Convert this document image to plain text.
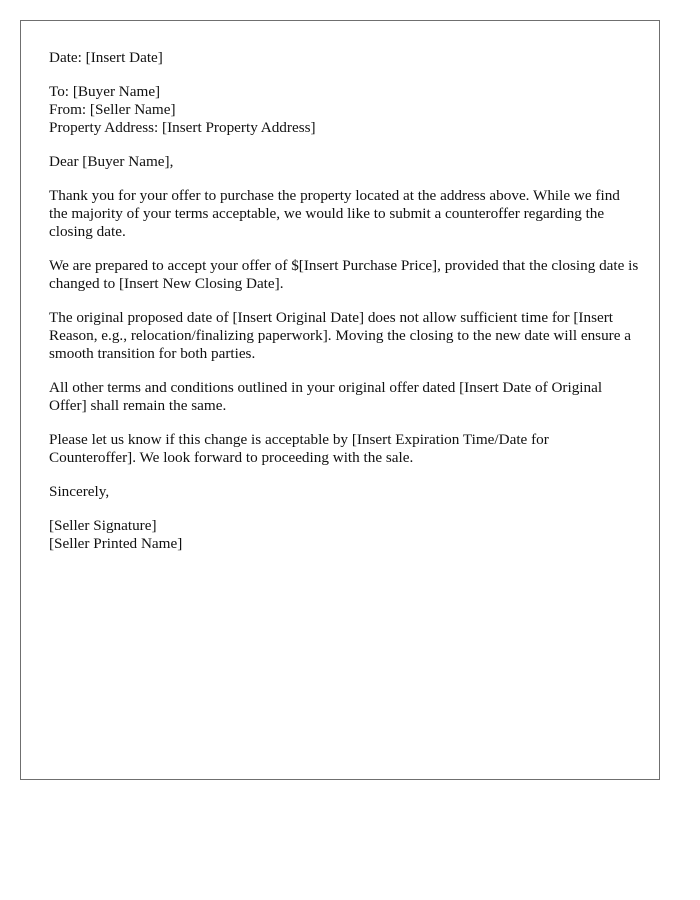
Date: [Insert Date]
To: [Buyer Name]
From: [Seller Name]
Property Address: [Insert Property Address]
Dear [Buyer Name],
Thank you for your offer to purchase the property located at the address above. While we find the majority of your terms acceptable, we would like to submit a counteroffer regarding the closing date.
We are prepared to accept your offer of $[Insert Purchase Price], provided that the closing date is changed to [Insert New Closing Date].
The original proposed date of [Insert Original Date] does not allow sufficient time for [Insert Reason, e.g., relocation/finalizing paperwork]. Moving the closing to the new date will ensure a smooth transition for both parties.
All other terms and conditions outlined in your original offer dated [Insert Date of Original Offer] shall remain the same.
Please let us know if this change is acceptable by [Insert Expiration Time/Date for Counteroffer]. We look forward to proceeding with the sale.
Sincerely,
[Seller Signature]
[Seller Printed Name]
